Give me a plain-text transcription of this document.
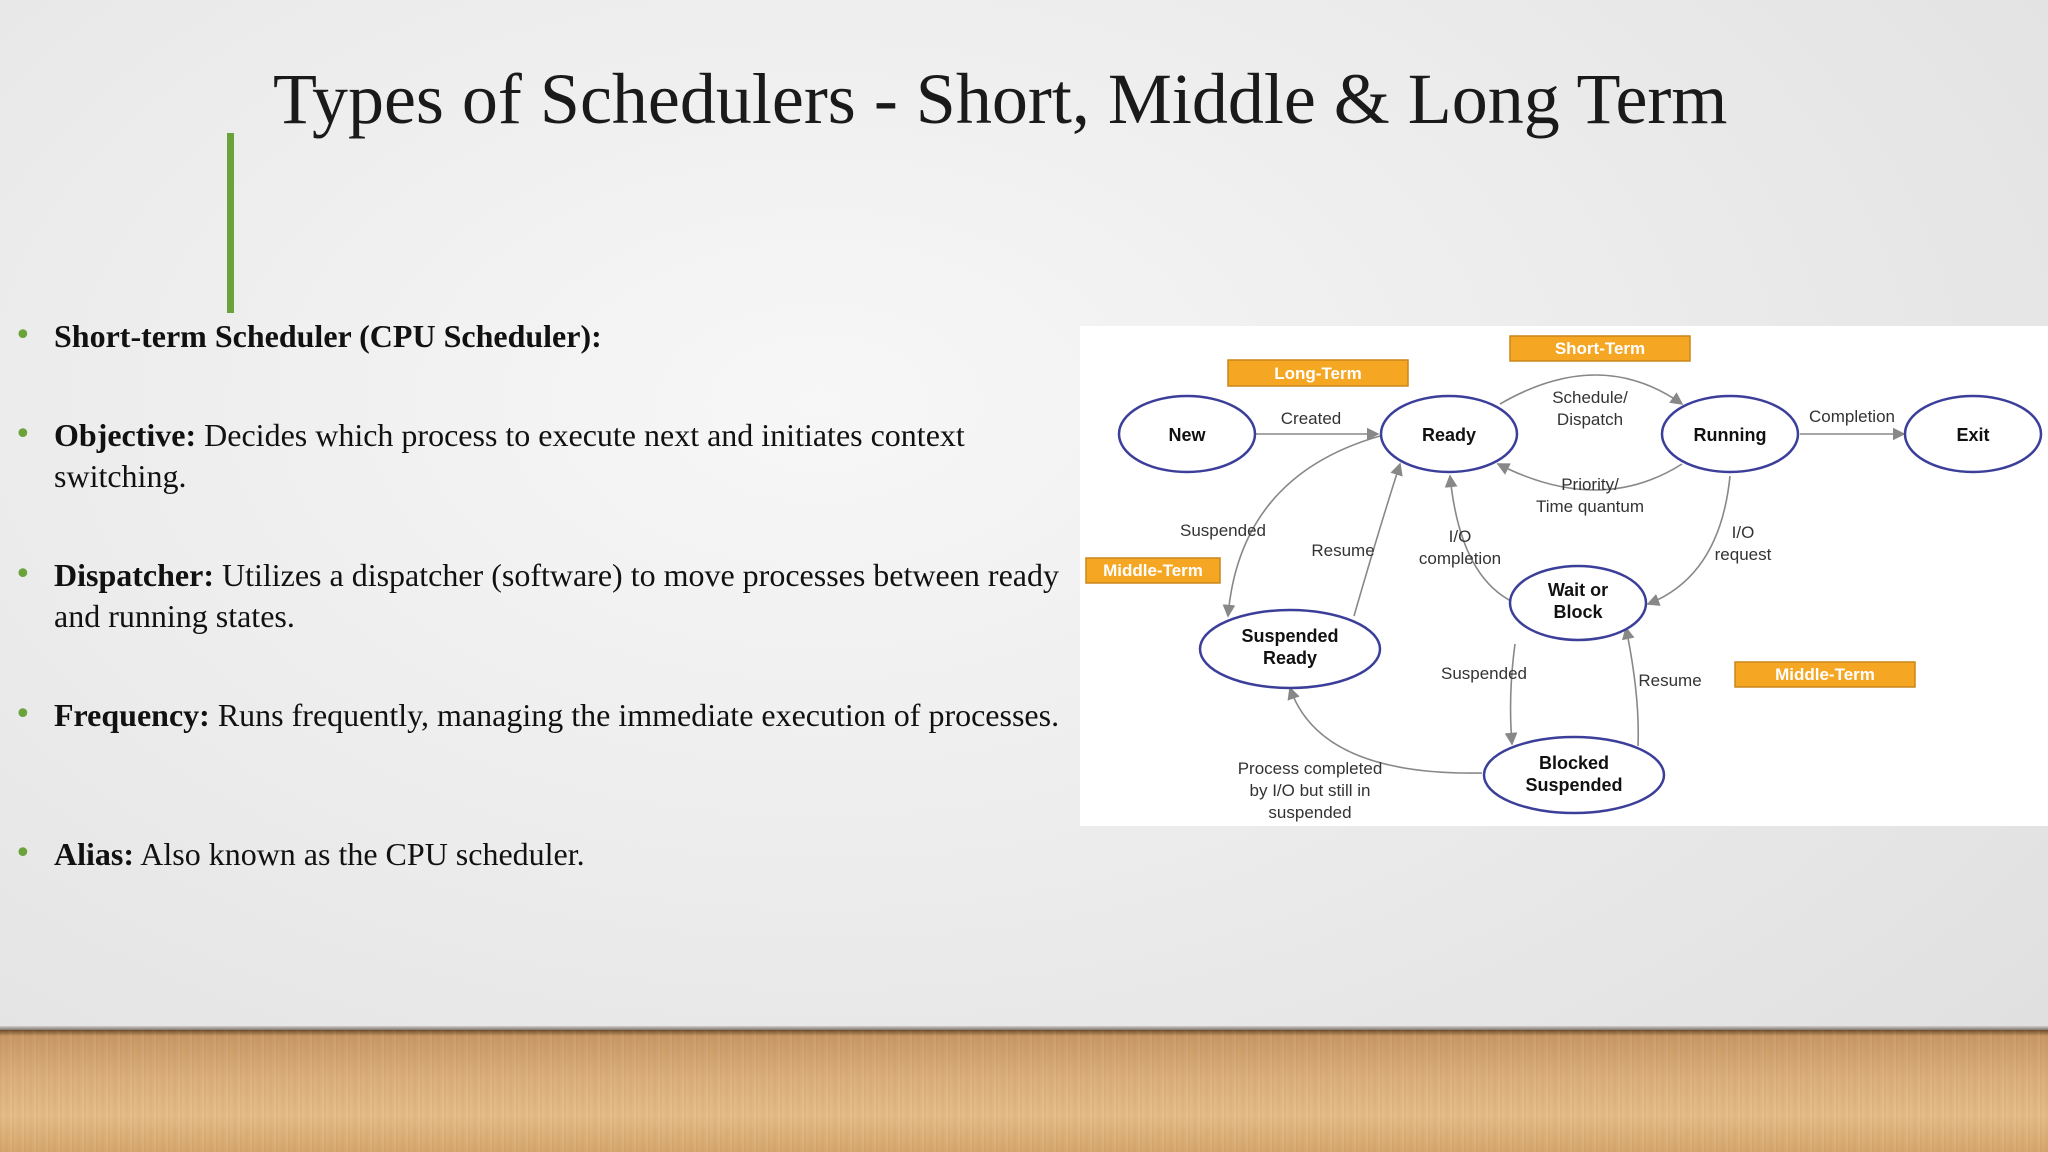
Types of Schedulers - Short, Middle & Long Term
• Short-term Scheduler (CPU Scheduler):
• Objective: Decides which process to execute next and initiates context switching.
• Dispatcher: Utilizes a dispatcher (software) to move processes between ready and running states.
• Frequency: Runs frequently, managing the immediate execution of processes.
• Alias: Also known as the CPU scheduler.
Long-Term
Short-Term
Middle-Term
Middle-Term
New	Ready	Running	Exit
Wait or
Block
Suspended
Ready
Blocked
Suspended
Created
Schedule/
Dispatch
Priority/
Time quantum
Completion
Suspended
Resume
I/O
completion
I/O
request
Suspended	Resume
Process completed
by I/O but still in
suspended
